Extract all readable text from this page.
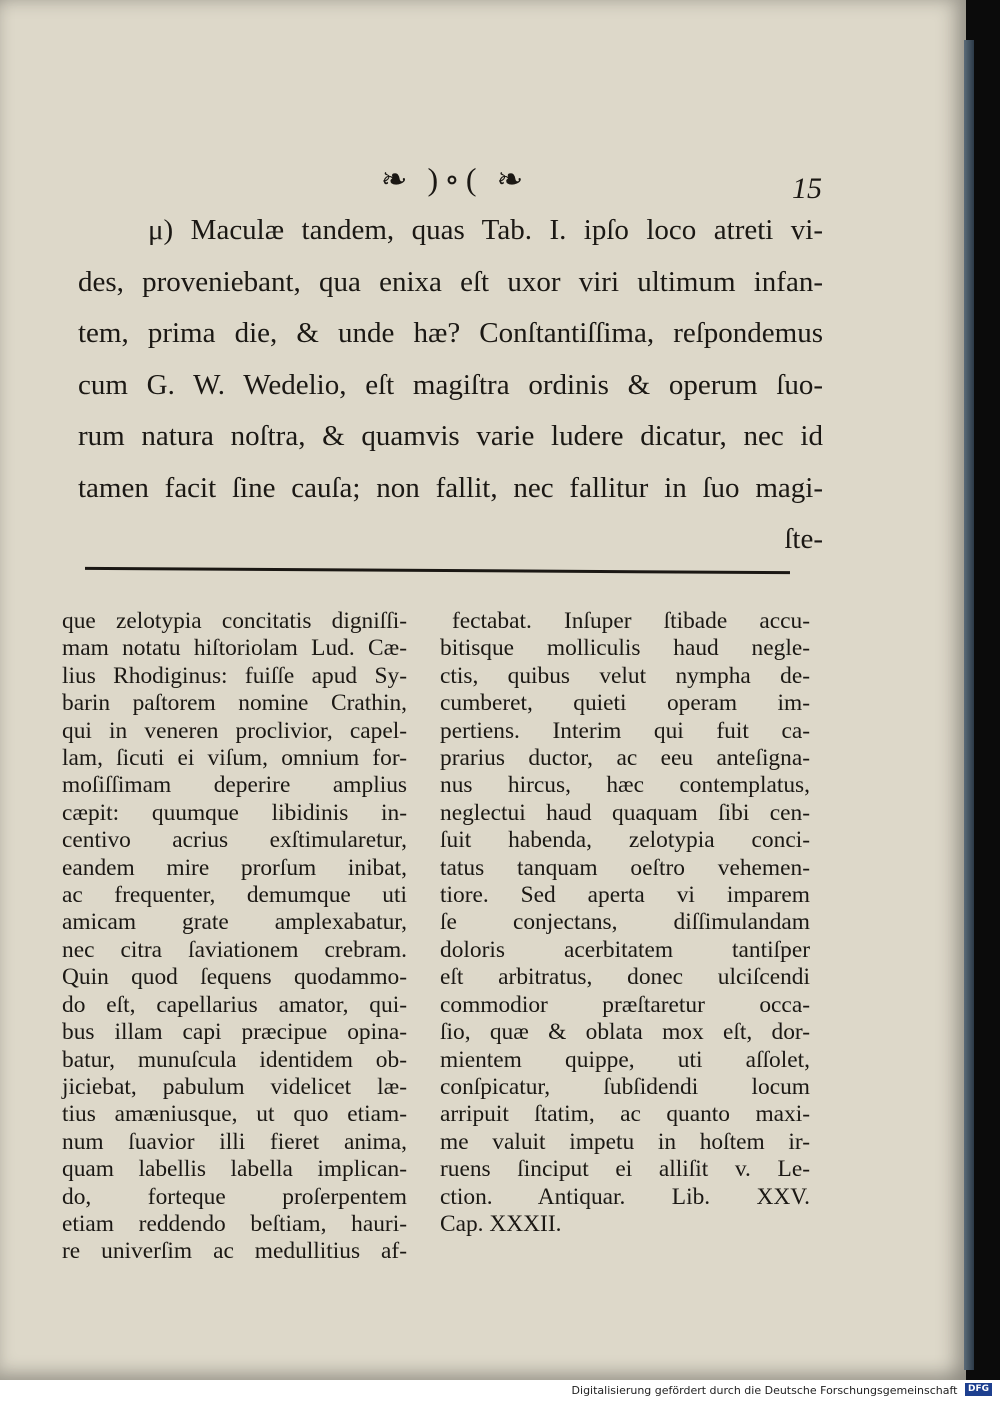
❧ )∘( ❧	15
μ) Maculæ tandem, quas Tab. I. ipſo loco atreti vi-
des, proveniebant, qua enixa eſt uxor viri ultimum infan-
tem, prima die, & unde hæ? Conſtantiſſima, reſpondemus
cum G. W. Wedelio, eſt magiſtra ordinis & operum ſuo-
rum natura noſtra, & quamvis varie ludere dicatur, nec id
tamen facit ſine cauſa; non fallit, nec fallitur in ſuo magi-
ſte-
que zelotypia concitatis digniſſi-
mam notatu hiſtoriolam Lud. Cæ-
lius Rhodiginus: fuiſſe apud Sy-
barin paſtorem nomine Crathin,
qui in veneren proclivior, capel-
lam, ſicuti ei viſum, omnium for-
moſiſſimam deperire amplius
cæpit: quumque libidinis in-
centivo acrius exſtimularetur,
eandem mire prorſum inibat,
ac frequenter, demumque uti
amicam grate amplexabatur,
nec citra ſaviationem crebram.
Quin quod ſequens quodammo-
do eſt, capellarius amator, qui-
bus illam capi præcipue opina-
batur, munuſcula identidem ob-
jiciebat, pabulum videlicet læ-
tius amæniusque, ut quo etiam-
num ſuavior illi fieret anima,
quam labellis labella implican-
do, forteque proſerpentem
etiam reddendo beſtiam, hauri-
re univerſim ac medullitius af-
fectabat. Inſuper ſtibade accu-
bitisque molliculis haud negle-
ctis, quibus velut nympha de-
cumberet, quieti operam im-
pertiens. Interim qui fuit ca-
prarius ductor, ac eeu anteſigna-
nus hircus, hæc contemplatus,
neglectui haud quaquam ſibi cen-
ſuit habenda, zelotypia conci-
tatus tanquam oeſtro vehemen-
tiore. Sed aperta vi imparem
ſe conjectans, diſſimulandam
doloris acerbitatem tantiſper
eſt arbitratus, donec ulciſcendi
commodior præſtaretur occa-
ſio, quæ & oblata mox eſt, dor-
mientem quippe, uti aſſolet,
conſpicatur, ſubſidendi locum
arripuit ſtatim, ac quanto maxi-
me valuit impetu in hoſtem ir-
ruens ſinciput ei alliſit v. Le-
ction. Antiquar. Lib. XXV.
Cap. XXXII.
Digitalisierung gefördert durch die Deutsche Forschungsgemeinschaft DFG
